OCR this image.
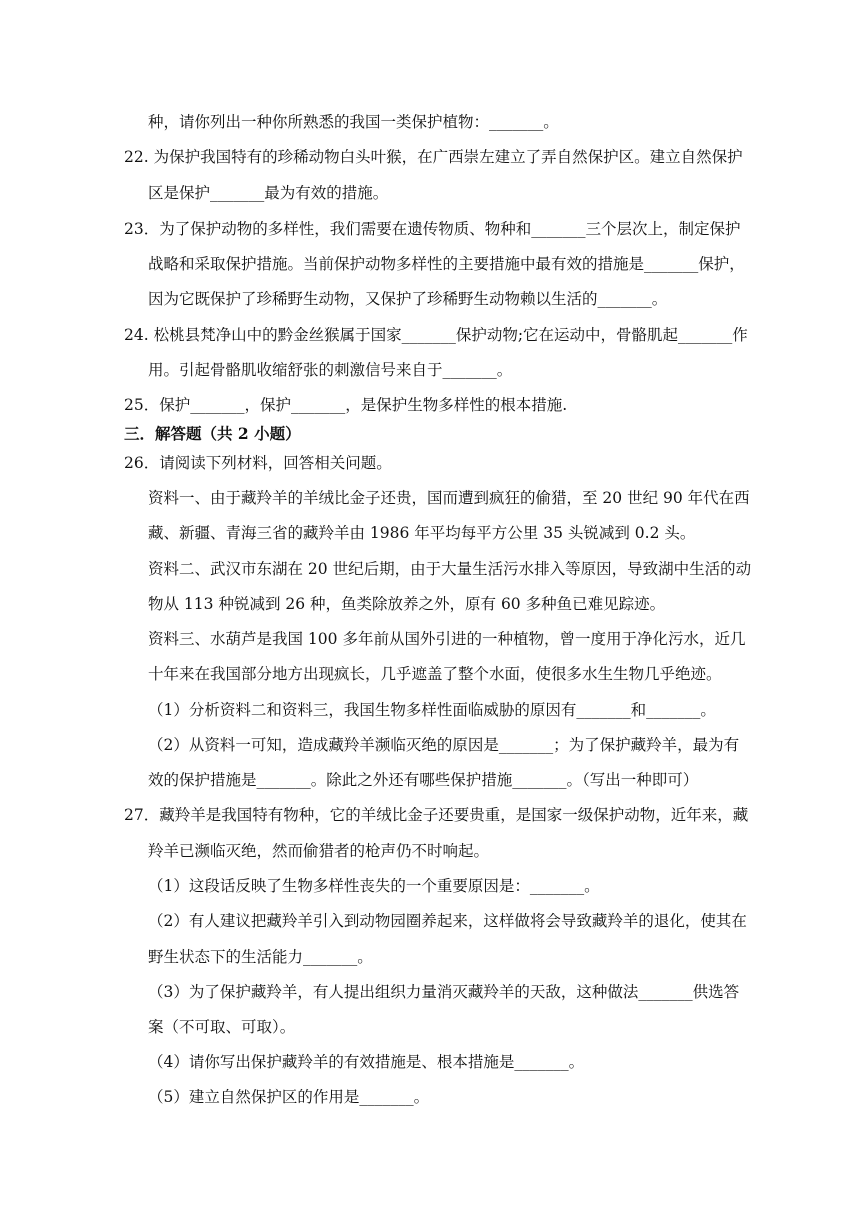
种，请你列出一种你所熟悉的我国一类保护植物：_______。
22. 为保护我国特有的珍稀动物白头叶猴，在广西崇左建立了弄自然保护区。建立自然保护
区是保护_______最为有效的措施。
23．为了保护动物的多样性，我们需要在遗传物质、物种和_______三个层次上，制定保护
战略和采取保护措施。当前保护动物多样性的主要措施中最有效的措施是_______保护，
因为它既保护了珍稀野生动物，又保护了珍稀野生动物赖以生活的_______。
24. 松桃县梵净山中的黔金丝猴属于国家_______保护动物;它在运动中，骨骼肌起_______作
用。引起骨骼肌收缩舒张的刺激信号来自于_______。
25．保护_______，保护_______，是保护生物多样性的根本措施.
三．解答题（共 2 小题）
26．请阅读下列材料，回答相关问题。
资料一、由于藏羚羊的羊绒比金子还贵，国而遭到疯狂的偷猎，至 20 世纪 90 年代在西
藏、新疆、青海三省的藏羚羊由 1986 年平均每平方公里 35 头锐减到 0.2 头。
资料二、武汉市东湖在 20 世纪后期，由于大量生活污水排入等原因，导致湖中生活的动
物从 113 种锐减到 26 种，鱼类除放养之外，原有 60 多种鱼已难见踪迹。
资料三、水葫芦是我国 100 多年前从国外引进的一种植物，曾一度用于净化污水，近几
十年来在我国部分地方出现疯长，几乎遮盖了整个水面，使很多水生生物几乎绝迹。
（1）分析资料二和资料三，我国生物多样性面临威胁的原因有_______和_______。
（2）从资料一可知，造成藏羚羊濒临灭绝的原因是_______；为了保护藏羚羊，最为有
效的保护措施是_______。除此之外还有哪些保护措施_______。（写出一种即可）
27．藏羚羊是我国特有物种，它的羊绒比金子还要贵重，是国家一级保护动物，近年来，藏
羚羊已濒临灭绝，然而偷猎者的枪声仍不时响起。
（1）这段话反映了生物多样性丧失的一个重要原因是：_______。
（2）有人建议把藏羚羊引入到动物园圈养起来，这样做将会导致藏羚羊的退化，使其在
野生状态下的生活能力_______。
（3）为了保护藏羚羊，有人提出组织力量消灭藏羚羊的天敌，这种做法_______供选答
案（不可取、可取）。
（4）请你写出保护藏羚羊的有效措施是、根本措施是_______。
（5）建立自然保护区的作用是_______。
